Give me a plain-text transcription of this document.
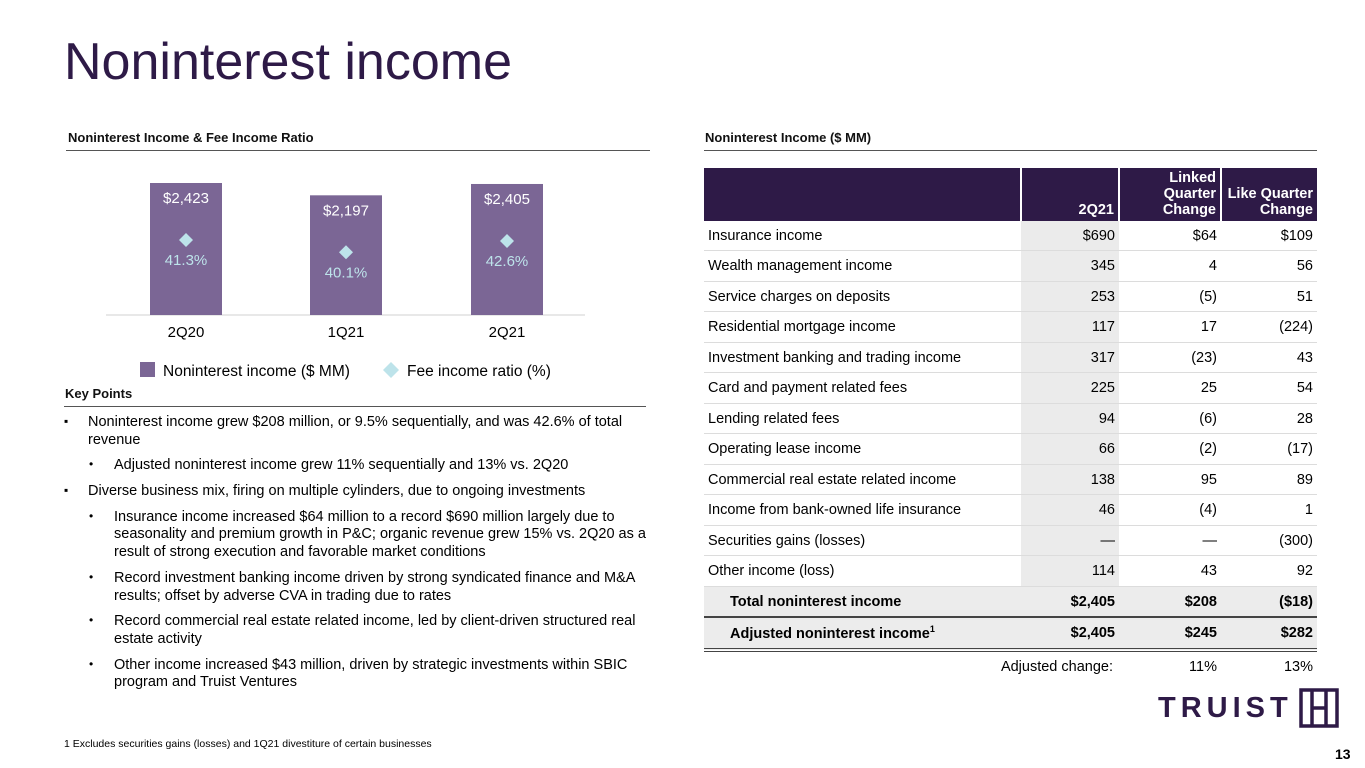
Noninterest income
Noninterest Income & Fee Income Ratio
$2,423
41.3%
2Q20
$2,197
40.1%
1Q21
$2,405
42.6%
2Q21
Noninterest income ($ MM)	Fee income ratio (%)
Noninterest Income ($ MM)
	2Q21	Linked Quarter Change	Like Quarter Change
Insurance income	$690	$64	$109
Wealth management income	345	4	56
Service charges on deposits	253	(5)	51
Residential mortgage income	117	17	(224)
Investment banking and trading income	317	(23)	43
Card and payment related fees	225	25	54
Lending related fees	94	(6)	28
Operating lease income	66	(2)	(17)
Commercial real estate related income	138	95	89
Income from bank-owned life insurance	46	(4)	1
Securities gains (losses)	—	—	(300)
Other income (loss)	114	43	92
Total noninterest income	$2,405	$208	($18)
Adjusted noninterest income$^1$	$2,405	$245	$282
Adjusted change:		11%	13%
Key Points
▪ Noninterest income grew $208 million, or 9.5% sequentially, and was 42.6% of total revenue
• Adjusted noninterest income grew 11% sequentially and 13% vs. 2Q20
▪ Diverse business mix, firing on multiple cylinders, due to ongoing investments
• Insurance income increased $64 million to a record $690 million largely due to seasonality and premium growth in P&C; organic revenue grew 15% vs. 2Q20 as a result of strong execution and favorable market conditions
• Record investment banking income driven by strong syndicated finance and M&A results; offset by adverse CVA in trading due to rates
• Record commercial real estate related income, led by client-driven structured real estate activity
• Other income increased $43 million, driven by strategic investments within SBIC program and Truist Ventures
1 Excludes securities gains (losses) and 1Q21 divestiture of certain businesses
TRUIST
13
